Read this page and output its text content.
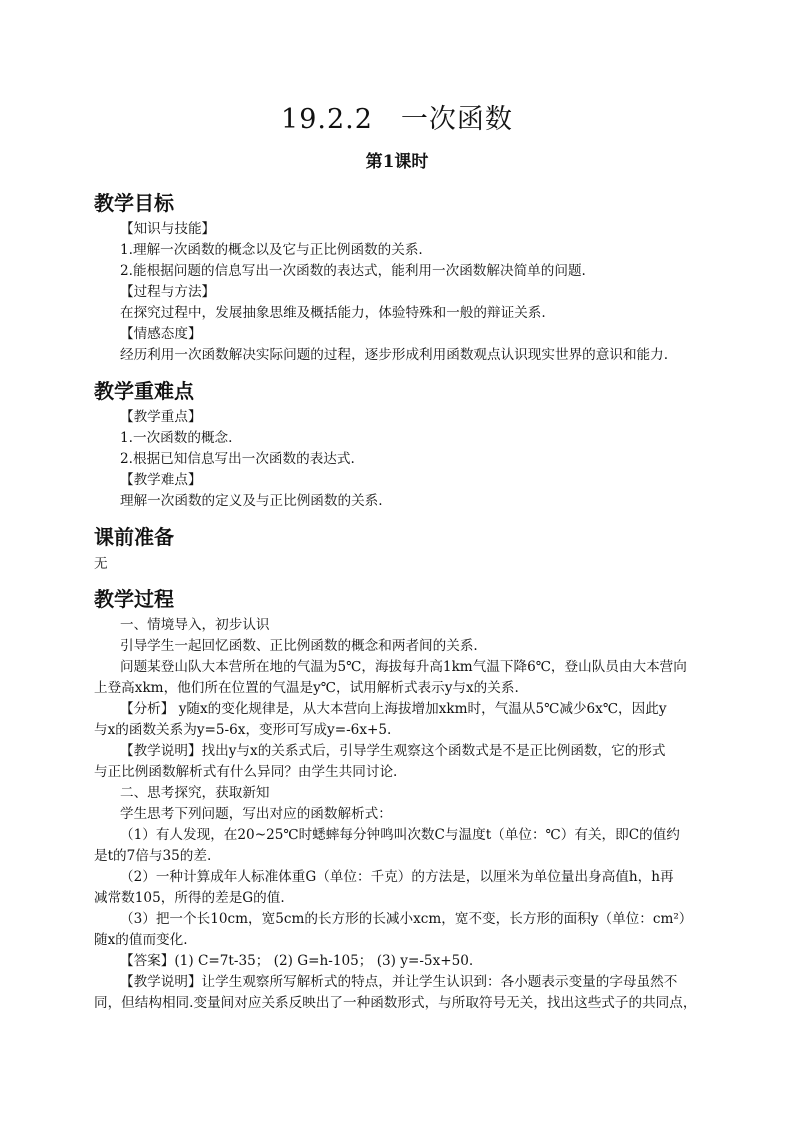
19.2.2　一次函数
第1课时
教学目标
【知识与技能】
1.理解一次函数的概念以及它与正比例函数的关系.
2.能根据问题的信息写出一次函数的表达式，能利用一次函数解决简单的问题.
【过程与方法】
在探究过程中，发展抽象思维及概括能力，体验特殊和一般的辩证关系.
【情感态度】
经历利用一次函数解决实际问题的过程，逐步形成利用函数观点认识现实世界的意识和能力.
教学重难点
【教学重点】
1.一次函数的概念.
2.根据已知信息写出一次函数的表达式.
【教学难点】
理解一次函数的定义及与正比例函数的关系.
课前准备
无
教学过程
一、情境导入，初步认识
引导学生一起回忆函数、正比例函数的概念和两者间的关系.
问题某登山队大本营所在地的气温为5℃，海拔每升高1km气温下降6℃，登山队员由大本营向
上登高xkm，他们所在位置的气温是y℃，试用解析式表示y与x的关系.
【分析】 y随x的变化规律是，从大本营向上海拔增加xkm时，气温从5℃减少6x℃，因此y
与x的函数关系为y=5-6x，变形可写成y=-6x+5.
【教学说明】找出y与x的关系式后，引导学生观察这个函数式是不是正比例函数，它的形式
与正比例函数解析式有什么异同？由学生共同讨论.
二、思考探究，获取新知
学生思考下列问题，写出对应的函数解析式：
（1）有人发现，在20~25℃时蟋蟀每分钟鸣叫次数C与温度t（单位：℃）有关，即C的值约
是t的7倍与35的差.
（2）一种计算成年人标准体重G（单位：千克）的方法是，以厘米为单位量出身高值h，h再
减常数105，所得的差是G的值.
（3）把一个长10cm，宽5cm的长方形的长减小xcm，宽不变，长方形的面积y（单位：cm²）
随x的值而变化.
【答案】(1) C=7t-35； (2) G=h-105； (3) y=-5x+50.
【教学说明】让学生观察所写解析式的特点，并让学生认识到：各小题表示变量的字母虽然不
同，但结构相同.变量间对应关系反映出了一种函数形式，与所取符号无关，找出这些式子的共同点，
